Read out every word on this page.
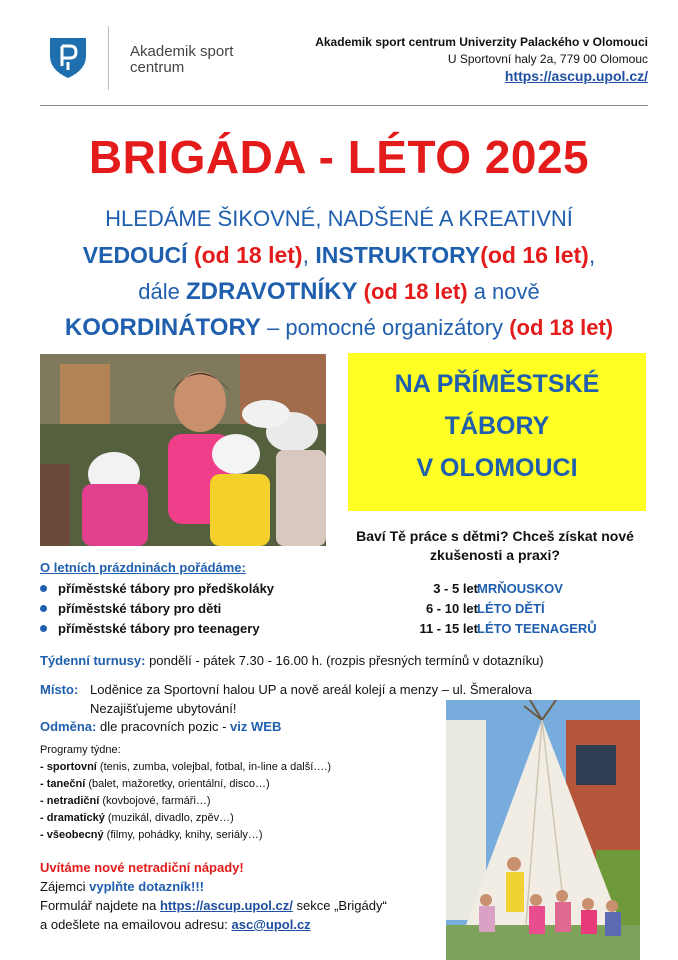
Akademik sport
centrum
Akademik sport centrum Univerzity Palackého v Olomouci
U Sportovní haly 2a, 779 00 Olomouc
https://ascup.upol.cz/
BRIGÁDA - LÉTO 2025
HLEDÁME ŠIKOVNÉ, NADŠENÉ A KREATIVNÍ
VEDOUCÍ (od 18 let), INSTRUKTORY(od 16 let),
dále ZDRAVOTNÍKY (od 18 let) a nově
KOORDINÁTORY – pomocné organizátory (od 18 let)
NA PŘÍMĚSTSKÉ
TÁBORY
V OLOMOUCI
Baví Tě práce s dětmi? Chceš získat nové
zkušenosti a praxi?
O letních prázdninách pořádáme:
příměstské tábory pro předškoláky	3 - 5 let MRŇOUSKOV
příměstské tábory pro děti	6 - 10 let LÉTO DĚTÍ
příměstské tábory pro teenagery	11 - 15 let LÉTO TEENAGERŮ
Týdenní turnusy: pondělí - pátek 7.30 - 16.00 h. (rozpis přesných termínů v dotazníku)
Místo: Loděnice za Sportovní halou UP a nově areál kolejí a menzy – ul. Šmeralova
Nezajišťujeme ubytování!
Odměna: dle pracovních pozic - viz WEB
Programy týdne:
- sportovní (tenis, zumba, volejbal, fotbal, in-line a další….)
- taneční (balet, mažoretky, orientální, disco…)
- netradiční (kovbojové, farmáři…)
- dramatický (muzikál, divadlo, zpěv…)
- všeobecný (filmy, pohádky, knihy, seriály…)
Uvítáme nové netradiční nápady!
Zájemci vyplňte dotazník!!!
Formulář najdete na https://ascup.upol.cz/ sekce „Brigády“
a odešlete na emailovou adresu: asc@upol.cz
